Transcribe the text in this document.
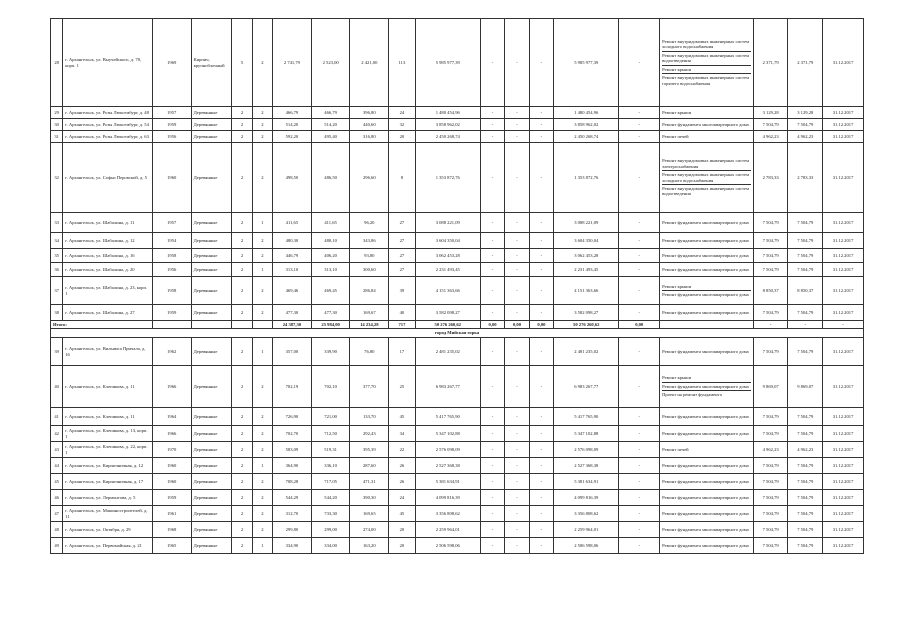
28	г. Архангельск, ул. Выучейского, д. 78, корп. 1	1969	Кирпич, крупноблочный	5	2	2 741,79	2 523,00	2 421,00	113	5 985 977,39	-	-	-	5 985 977,39	-	Ремонт внутридомовых инженерных систем холодного водоснабжения
Ремонт внутридомовых инженерных систем водоотведения
Ремонт крыши
Ремонт внутридомовых инженерных систем горячего водоснабжения	2 371,79	2 371,79	31.12.2017
29	г. Архангельск, ул. Розы Люксембург, д. 48	1957	Деревянные	2	2	466,79	466,79	396,80	24	1 480 454,96	-	-	-	1 480 454,96	-	Ремонт крыши	3 129,28	3 129,28	31.12.2017
30	г. Архангельск, ул. Розы Люксембург, д. 54	1959	Деревянные	2	2	514,20	514,20	440,60	32	3 858 962,02	-	-	-	3 858 962,02	-	Ремонт фундамента многоквартирного дома	7 504,79	7 504,79	31.12.2017
31	г. Архангельск, ул. Розы Люксембург, д. 63	1956	Деревянные	2	2	592,20	495,40	316,80	20	2 450 268,74	-	-	-	2 450 268,74	-	Ремонт печей	4 962,23	4 962,23	31.12.2017
32	г. Архангельск, ул. Софьи Перовской, д. 5	1960	Деревянные	2	2	498,50	486,50	296,60	8	1 353 872,76	-	-	-	1 353 872,76	-	Ремонт внутридомовых инженерных систем электроснабжения
Ремонт внутридомовых инженерных систем холодного водоснабжения
Ремонт внутридомовых инженерных систем водоотведения	2 783,33	2 783,33	31.12.2017
33	г. Архангельск, ул. Шабалина, д. 11	1957	Деревянные	2	1	411,65	411,65	96,20	27	3 088 221,09	-	-	-	3 088 221,09	-	Ремонт фундамента многоквартирного дома	7 504,79	7 504,79	31.12.2017
34	г. Архангельск, ул. Шабалина, д. 12	1954	Деревянные	2	2	480,30	480,10	343,86	27	3 604 350,04	-	-	-	3 604 350,04	-	Ремонт фундамента многоквартирного дома	7 504,79	7 504,79	31.12.2017
35	г. Архангельск, ул. Шабалина, д. 16	1958	Деревянные	2	2	446,79	406,20	93,80	27	3 062 453,28	-	-	-	3 062 453,28	-	Ремонт фундамента многоквартирного дома	7 504,79	7 504,79	31.12.2017
36	г. Архангельск, ул. Шабалина, д. 20	1956	Деревянные	2	1	313,10	313,10	300,60	27	2 231 493,45	-	-	-	2 231 493,45	-	Ремонт фундамента многоквартирного дома	7 504,79	7 504,79	31.12.2017
37	г. Архангельск, ул. Шабалина, д. 23, корп. 1	1958	Деревянные	2	2	469,46	469,45	286,84	39	4 151 363,66	-	-	-	4 151 363,66	-	Ремонт крыши
Ремонт фундамента многоквартирного дома	8 850,37	8 850,37	31.12.2017
38	г. Архангельск, ул. Шабалина, д. 27	1959	Деревянные	2	2	477,30	477,30	169,67	40	3 582 098,27	-	-	-	3 582 098,27	-	Ремонт фундамента многоквартирного дома	7 504,79	7 504,79	31.12.2017
Итого:						24 387,30	25 984,00	14 234,28	717	50 276 260,62	0,00	0,00	0,00	50 276 260,62	0,00		-	-	-
город Мийская горка																			
39	г. Архангельск, ул. Вильямса Причала, д. 16	1962	Деревянные	2	1	357,00	339,90	76,80	17	2 481 235,02	-	-	-	2 481 235,02	-	Ремонт фундамента многоквартирного дома	7 504,79	7 504,79	31.12.2017
40	г. Архангельск, ул. Клепикова, д. 11	1966	Деревянные	2	2	702,19	702,10	377,70	25	6 983 267,77	-	-	-	6 983 267,77	-	Ремонт крыши
Ремонт фундамента многоквартирного дома
Проект на ремонт фундамента	9 869,07	9 869,07	31.12.2017
41	г. Архангельск, ул. Клепикова, д. 11	1964	Деревянные	2	2	726,90	721,00	133,70	45	5 417 765,90	-	-	-	5 417 765,90	-	Ремонт фундамента многоквартирного дома	7 504,79	7 504,79	31.12.2017
42	г. Архангельск, ул. Клепикова, д. 13, корп. 1	1966	Деревянные	2	2	702,70	712,50	292,43	34	5 347 102,88	-	-	-	5 347 102,88	-	Ремонт фундамента многоквартирного дома	7 504,79	7 504,79	31.12.2017
43	г. Архангельск, ул. Клепикова, д. 22, корп. 1	1970	Деревянные	2	2	583,09	519,31	395,39	22	2 576 098,09	-	-	-	2 576 098,09	-	Ремонт печей	4 962,23	4 962,23	31.12.2017
44	г. Архангельск, ул. Кирпичничная, д. 12	1960	Деревянные	2	1	364,90	336,10	287,60	26	2 527 368,38	-	-	-	2 527 368,38	-	Ремонт фундамента многоквартирного дома	7 504,79	7 504,79	31.12.2017
45	г. Архангельск, ул. Кирпичничная, д. 17	1960	Деревянные	2	2	708,28	717,05	471,31	26	5 381 634,91	-	-	-	5 381 634,91	-	Ремонт фундамента многоквартирного дома	7 504,79	7 504,79	31.12.2017
46	г. Архангельск, ул. Лермонтова, д. 5	1959	Деревянные	2	2	544,29	544,20	390,30	24	4 099 816,39	-	-	-	4 099 816,39	-	Ремонт фундамента многоквартирного дома	7 504,79	7 504,79	31.12.2017
47	г. Архангельск, ул. Машиностроителей, д. 11	1961	Деревянные	2	2	312,70	733,30	169,65	45	3 356 808,62	-	-	-	3 356 808,62	-	Ремонт фундамента многоквартирного дома	7 504,79	7 504,79	31.12.2017
48	г. Архангельск, ул. Октября, д. 29	1968	Деревянные	2	2	299,80	299,00	274,00	20	2 259 964,01	-	-	-	2 259 964,01	-	Ремонт фундамента многоквартирного дома	7 504,79	7 504,79	31.12.2017
49	г. Архангельск, ул. Первомайская, д. 21	1965	Деревянные	2	1	334,90	334,00	163,20	20	2 506 598,06	-	-	-	2 506 598,06	-	Ремонт фундамента многоквартирного дома	7 504,79	7 504,79	31.12.2017
